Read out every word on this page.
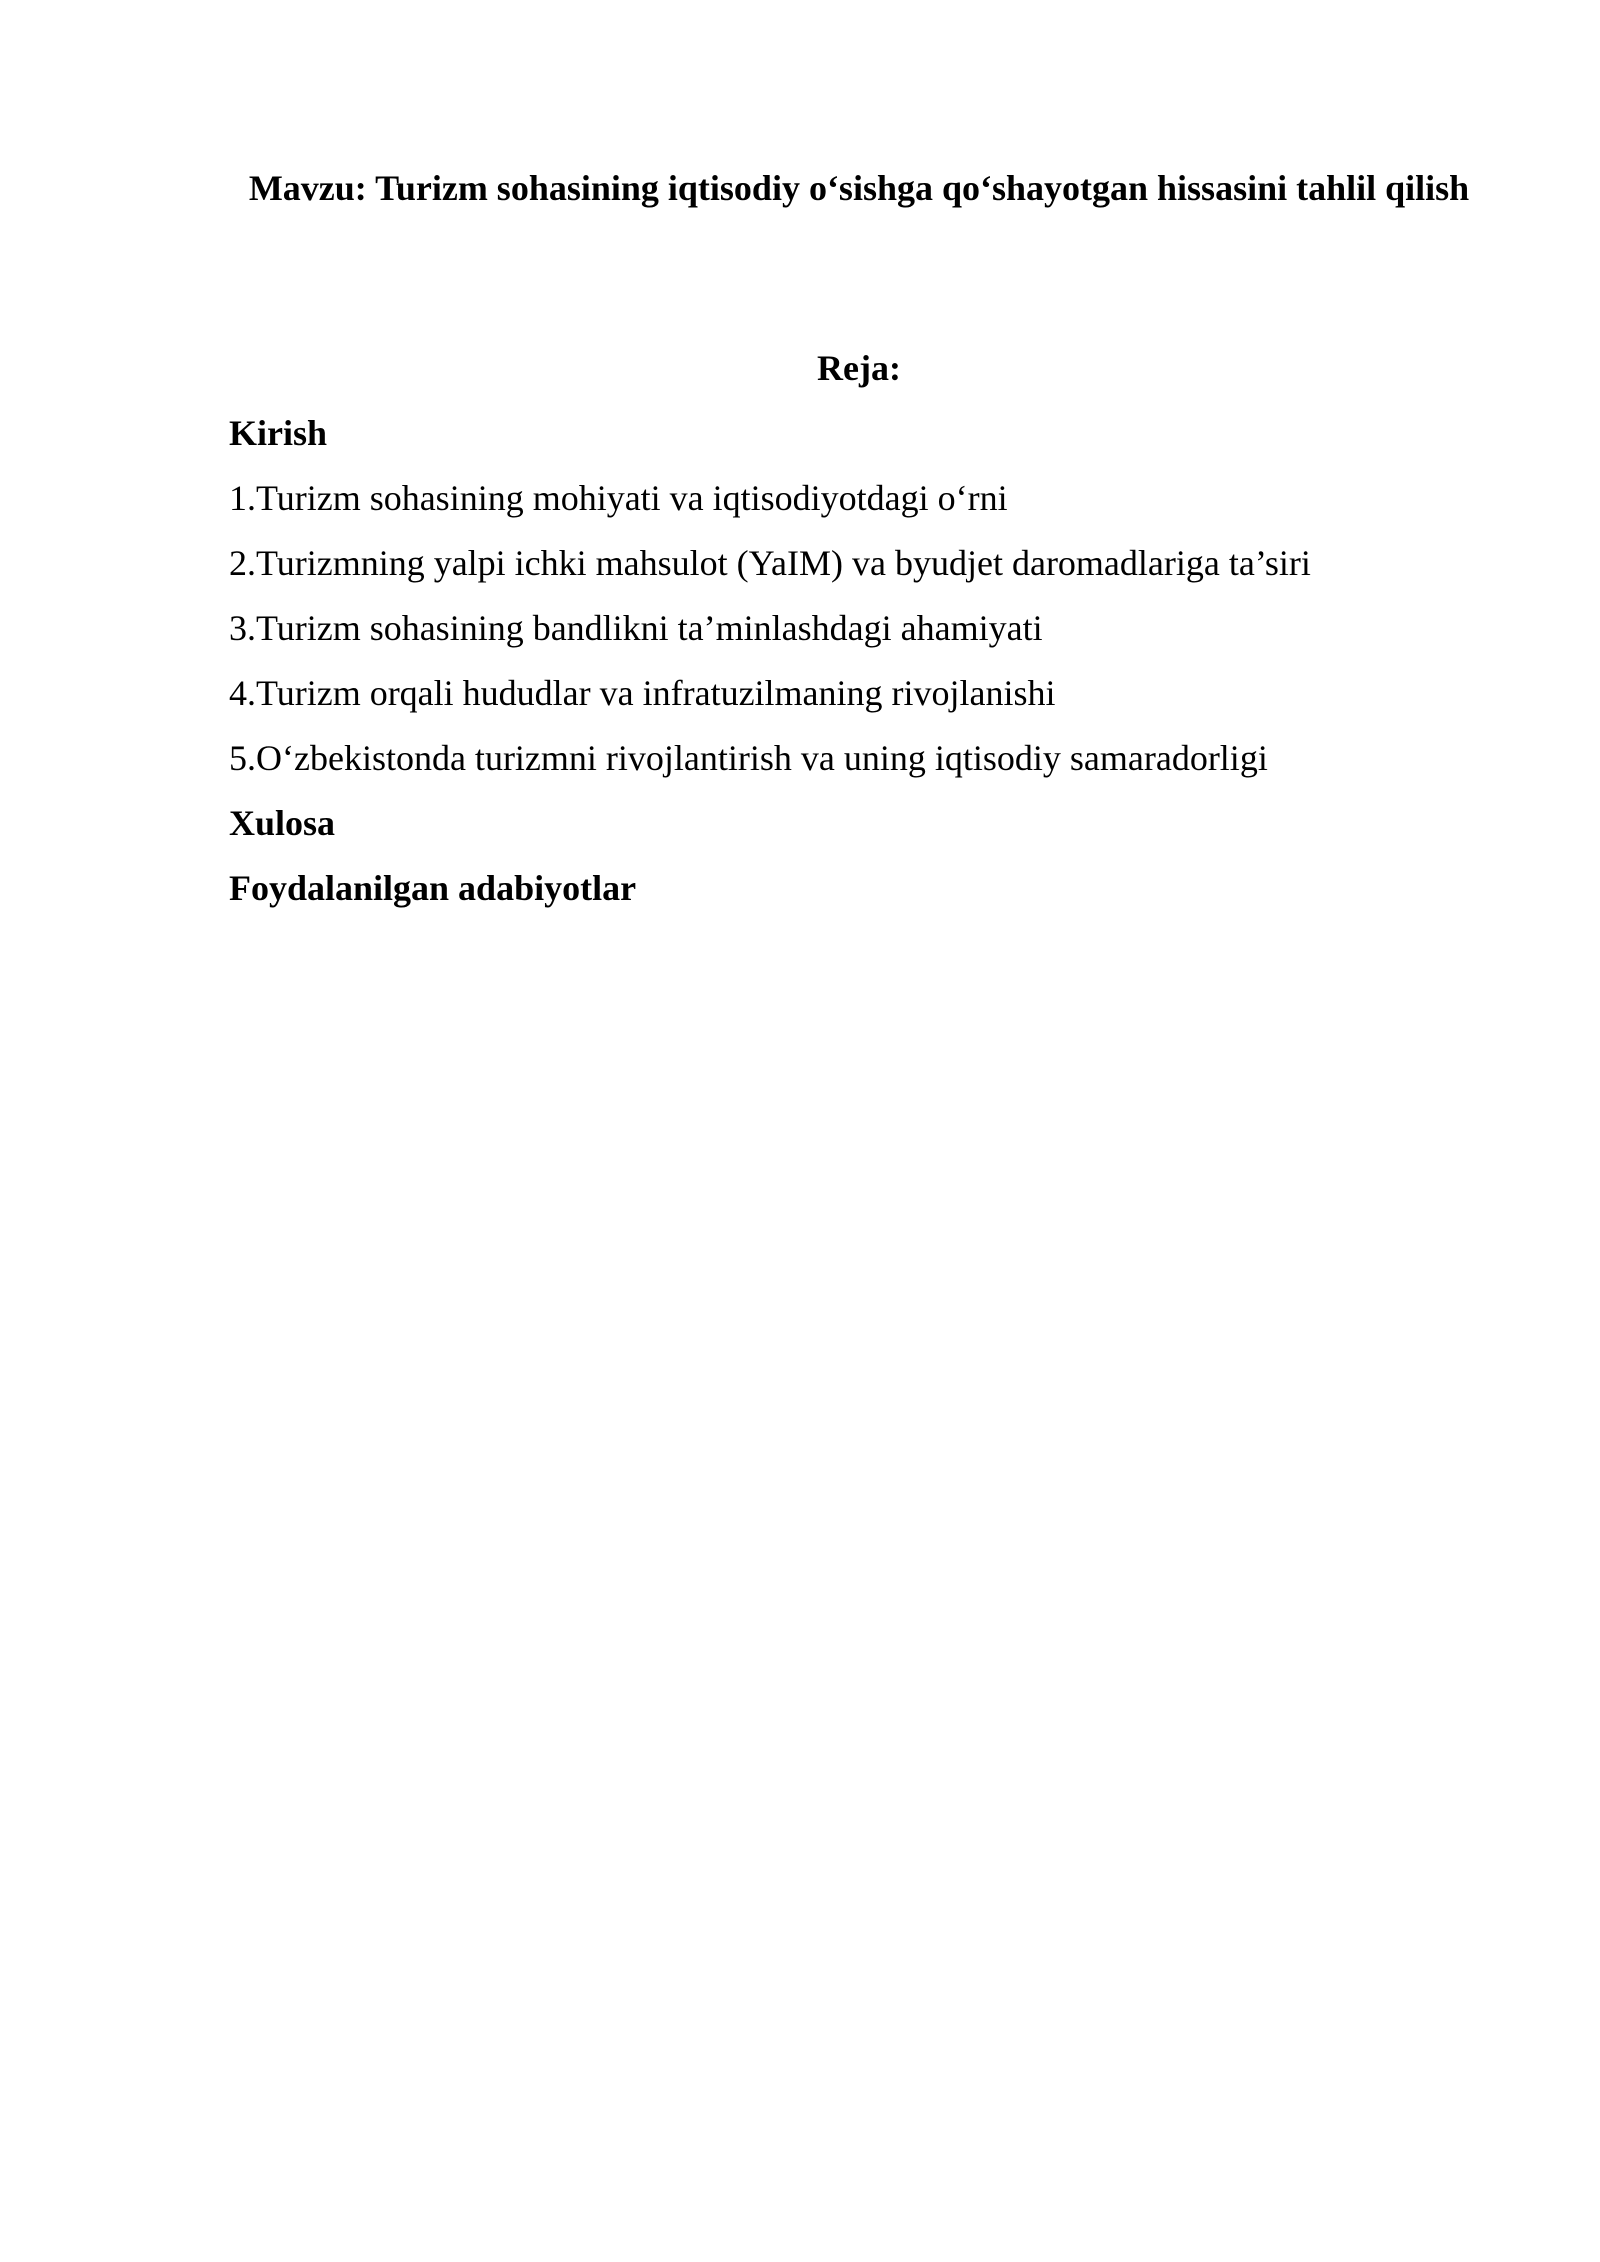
Mavzu: Turizm sohasining iqtisodiy o‘sishga qo‘shayotgan hissasini tahlil qilish
Reja:
Kirish
1.Turizm sohasining mohiyati va iqtisodiyotdagi o‘rni
2.Turizmning yalpi ichki mahsulot (YaIM) va byudjet daromadlariga ta’siri
3.Turizm sohasining bandlikni ta’minlashdagi ahamiyati
4.Turizm orqali hududlar va infratuzilmaning rivojlanishi
5.O‘zbekistonda turizmni rivojlantirish va uning iqtisodiy samaradorligi
Xulosa
Foydalanilgan adabiyotlar
